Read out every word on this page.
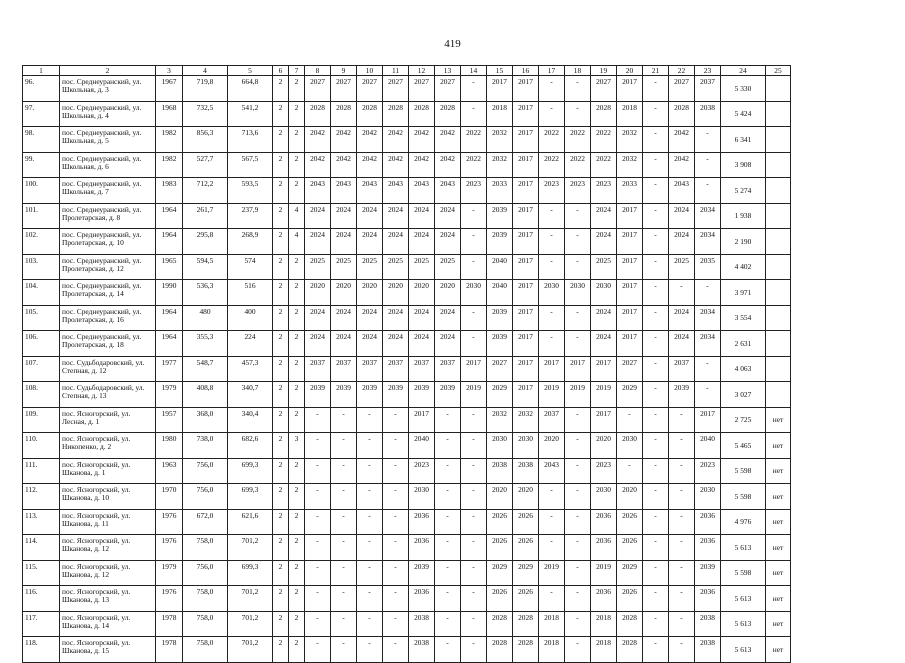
419
1	2	3	4	5	6	7	8	9	10	11	12	13	14	15	16	17	18	19	20	21	22	23	24	25
96.	пос. Среднеуранский, ул. Школьная, д. 3	1967	719,8	664,8	2	2	2027	2027	2027	2027	2027	2027	-	2017	2017	-	-	2027	2017	-	2027	2037	5 330	
97.	пос. Среднеуранский, ул. Школьная, д. 4	1968	732,5	541,2	2	2	2028	2028	2028	2028	2028	2028	-	2018	2017	-	-	2028	2018	-	2028	2038	5 424	
98.	пос. Среднеуранский, ул. Школьная, д. 5	1982	856,3	713,6	2	2	2042	2042	2042	2042	2042	2042	2022	2032	2017	2022	2022	2022	2032	-	2042	-	6 341	
99.	пос. Среднеуранский, ул. Школьная, д. 6	1982	527,7	567,5	2	2	2042	2042	2042	2042	2042	2042	2022	2032	2017	2022	2022	2022	2032	-	2042	-	3 908	
100.	пос. Среднеуранский, ул. Школьная, д. 7	1983	712,2	593,5	2	2	2043	2043	2043	2043	2043	2043	2023	2033	2017	2023	2023	2023	2033	-	2043	-	5 274	
101.	пос. Среднеуранский, ул. Пролетарская, д. 8	1964	261,7	237,9	2	4	2024	2024	2024	2024	2024	2024	-	2039	2017	-	-	2024	2017	-	2024	2034	1 938	
102.	пос. Среднеуранский, ул. Пролетарская, д. 10	1964	295,8	268,9	2	4	2024	2024	2024	2024	2024	2024	-	2039	2017	-	-	2024	2017	-	2024	2034	2 190	
103.	пос. Среднеуранский, ул. Пролетарская, д. 12	1965	594,5	574	2	2	2025	2025	2025	2025	2025	2025	-	2040	2017	-	-	2025	2017	-	2025	2035	4 402	
104.	пос. Среднеуранский, ул. Пролетарская, д. 14	1990	536,3	516	2	2	2020	2020	2020	2020	2020	2020	2030	2040	2017	2030	2030	2030	2017	-	-	-	3 971	
105.	пос. Среднеуранский, ул. Пролетарская, д. 16	1964	480	400	2	2	2024	2024	2024	2024	2024	2024	-	2039	2017	-	-	2024	2017	-	2024	2034	3 554	
106.	пос. Среднеуранский, ул. Пролетарская, д. 18	1964	355,3	224	2	2	2024	2024	2024	2024	2024	2024	-	2039	2017	-	-	2024	2017	-	2024	2034	2 631	
107.	пос. Судьбодаровский, ул. Степная, д. 12	1977	548,7	457,3	2	2	2037	2037	2037	2037	2037	2037	2017	2027	2017	2017	2017	2017	2027	-	2037	-	4 063	
108.	пос. Судьбодаровский, ул. Степная, д. 13	1979	408,8	340,7	2	2	2039	2039	2039	2039	2039	2039	2019	2029	2017	2019	2019	2019	2029	-	2039	-	3 027	
109.	пос. Ясногорский, ул. Лесная, д. 1	1957	368,0	340,4	2	2	-	-	-	-	2017	-	-	2032	2032	2037	-	2017	-	-	-	2017	2 725	нет
110.	пос. Ясногорский, ул. Никопенко, д. 2	1980	738,0	682,6	2	3	-	-	-	-	2040	-	-	2030	2030	2020	-	2020	2030	-	-	2040	5 465	нет
111.	пос. Ясногорский, ул. Шканова, д. 1	1963	756,0	699,3	2	2	-	-	-	-	2023	-	-	2038	2038	2043	-	2023	-	-	-	2023	5 598	нет
112.	пос. Ясногорский, ул. Шканова, д. 10	1970	756,0	699,3	2	2	-	-	-	-	2030	-	-	2020	2020	-	-	2030	2020	-	-	2030	5 598	нет
113.	пос. Ясногорский, ул. Шканова, д. 11	1976	672,0	621,6	2	2	-	-	-	-	2036	-	-	2026	2026	-	-	2036	2026	-	-	2036	4 976	нет
114.	пос. Ясногорский, ул. Шканова, д. 12	1976	758,0	701,2	2	2	-	-	-	-	2036	-	-	2026	2026	-	-	2036	2026	-	-	2036	5 613	нет
115.	пос. Ясногорский, ул. Шканова, д. 12	1979	756,0	699,3	2	2	-	-	-	-	2039	-	-	2029	2029	2019	-	2019	2029	-	-	2039	5 598	нет
116.	пос. Ясногорский, ул. Шканова, д. 13	1976	758,0	701,2	2	2	-	-	-	-	2036	-	-	2026	2026	-	-	2036	2026	-	-	2036	5 613	нет
117.	пос. Ясногорский, ул. Шканова, д. 14	1978	758,0	701,2	2	2	-	-	-	-	2038	-	-	2028	2028	2018	-	2018	2028	-	-	2038	5 613	нет
118.	пос. Ясногорский, ул. Шканова, д. 15	1978	758,0	701,2	2	2	-	-	-	-	2038	-	-	2028	2028	2018	-	2018	2028	-	-	2038	5 613	нет
